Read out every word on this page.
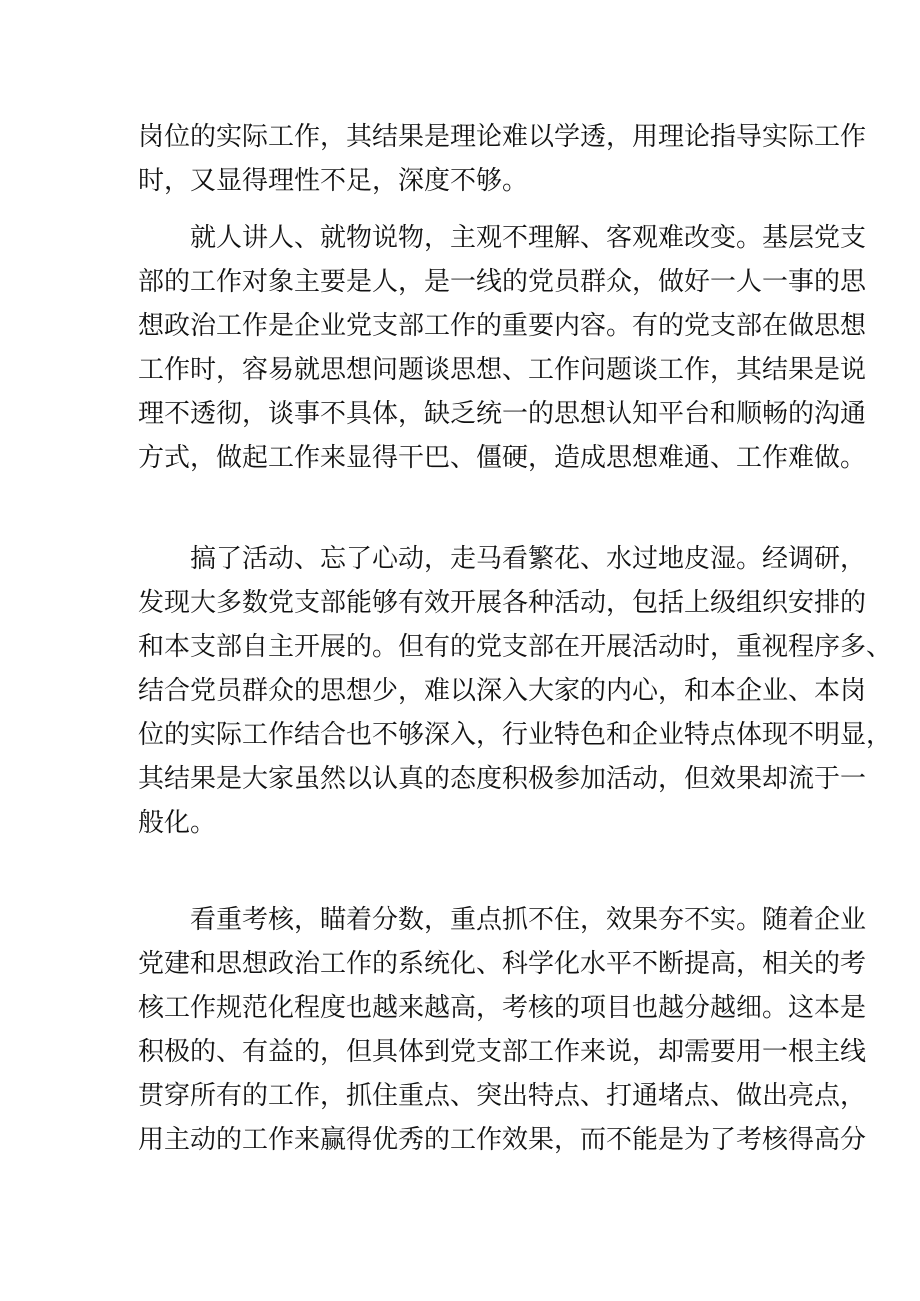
岗位的实际工作，其结果是理论难以学透，用理论指导实际工作
时，又显得理性不足，深度不够。
就人讲人、就物说物，主观不理解、客观难改变。基层党支
部的工作对象主要是人，是一线的党员群众，做好一人一事的思
想政治工作是企业党支部工作的重要内容。有的党支部在做思想
工作时，容易就思想问题谈思想、工作问题谈工作，其结果是说
理不透彻，谈事不具体，缺乏统一的思想认知平台和顺畅的沟通
方式，做起工作来显得干巴、僵硬，造成思想难通、工作难做。
搞了活动、忘了心动，走马看繁花、水过地皮湿。经调研，
发现大多数党支部能够有效开展各种活动，包括上级组织安排的
和本支部自主开展的。但有的党支部在开展活动时，重视程序多、
结合党员群众的思想少，难以深入大家的内心，和本企业、本岗
位的实际工作结合也不够深入，行业特色和企业特点体现不明显，
其结果是大家虽然以认真的态度积极参加活动，但效果却流于一
般化。
看重考核，瞄着分数，重点抓不住，效果夯不实。随着企业
党建和思想政治工作的系统化、科学化水平不断提高，相关的考
核工作规范化程度也越来越高，考核的项目也越分越细。这本是
积极的、有益的，但具体到党支部工作来说，却需要用一根主线
贯穿所有的工作，抓住重点、突出特点、打通堵点、做出亮点，
用主动的工作来赢得优秀的工作效果，而不能是为了考核得高分
